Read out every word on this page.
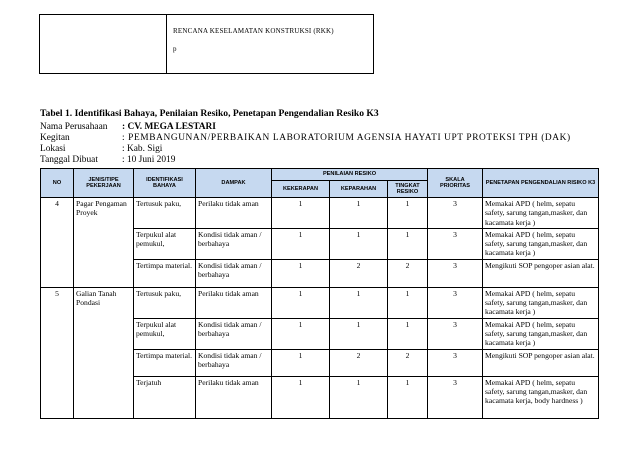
RENCANA KESELAMATAN KONSTRUKSI (RKK)
p
Tabel 1. Identifikasi Bahaya, Penilaian Resiko, Penetapan Pengendalian Resiko K3
Nama Perusahaan : CV. MEGA LESTARI
Kegitan	: PEMBANGUNAN/PERBAIKAN LABORATORIUM AGENSIA HAYATI UPT PROTEKSI TPH (DAK)
Lokasi	: Kab. Sigi
Tanggal Dibuat	: 10 Juni 2019
NO	JENIS/TIPE PEKERJAAN	IDENTIFIKASI BAHAYA	DAMPAK	PENILAIAN RESIKO			SKALA PRIORITAS	PENETAPAN PENGENDALIAN RISIKO K3
				KEKERAPAN	KEPARAHAN	TINGKAT RESIKO		
4	Pagar Pengaman Proyek	Tertusuk paku,	Perilaku tidak aman	1	1	1	3	Memakai APD ( helm, sepatu safety, sarung tangan,masker, dan kacamata kerja )
		Terpukul alat pemukul,	Kondisi tidak aman / berbahaya	1	1	1	3	Memakai APD ( helm, sepatu safety, sarung tangan,masker, dan kacamata kerja )
		Tertimpa material.	Kondisi tidak aman / berbahaya	1	2	2	3	Mengikuti SOP pengoper asian alat.
5	Galian Tanah Pondasi	Tertusuk paku,	Perilaku tidak aman	1	1	1	3	Memakai APD ( helm, sepatu safety, sarung tangan,masker, dan kacamata kerja )
		Terpukul alat pemukul,	Kondisi tidak aman / berbahaya	1	1	1	3	Memakai APD ( helm, sepatu safety, sarung tangan,masker, dan kacamata kerja )
		Tertimpa material.	Kondisi tidak aman / berbahaya	1	2	2	3	Mengikuti SOP pengoper asian alat.
		Terjatuh	Perilaku tidak aman	1	1	1	3	Memakai APD ( helm, sepatu safety, sarung tangan,masker, dan kacamata kerja, body hardness )
